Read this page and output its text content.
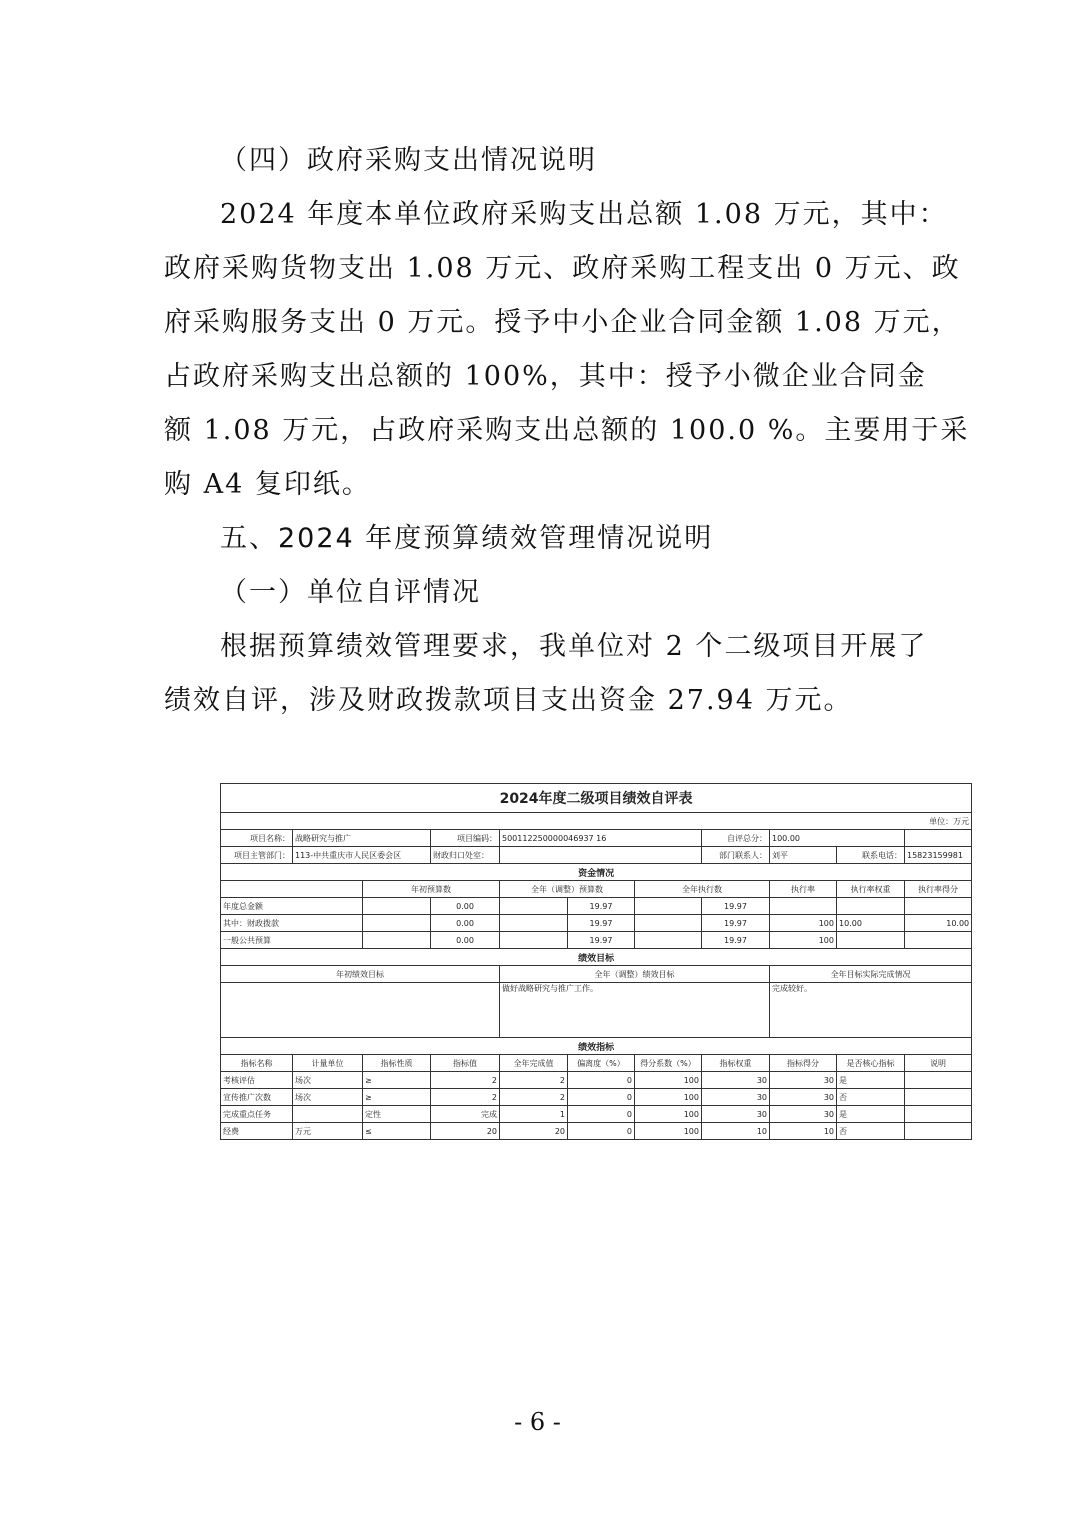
（四）政府采购支出情况说明
2024 年度本单位政府采购支出总额 1.08 万元，其中：
政府采购货物支出 1.08 万元、政府采购工程支出 0 万元、政
府采购服务支出 0 万元。授予中小企业合同金额 1.08 万元，
占政府采购支出总额的 100%，其中：授予小微企业合同金
额 1.08 万元，占政府采购支出总额的 100.0 %。主要用于采
购 A4 复印纸。
五、2024 年度预算绩效管理情况说明
（一）单位自评情况
根据预算绩效管理要求，我单位对 2 个二级项目开展了
绩效自评，涉及财政拨款项目支出资金 27.94 万元。
2024年度二级项目绩效自评表										
单位：万元										
项目名称：	战略研究与推广		项目编码：	500112250000046937 16			自评总分：	100.00		
项目主管部门：	113-中共重庆市人民区委会区		财政归口处室：				部门联系人：	刘平	联系电话：	15823159981
资金情况										
		年初预算数		全年（调整）预算数		全年执行数		执行率	执行率权重	执行率得分
年度总金额			0.00		19.97		19.97			
其中：财政拨款			0.00		19.97		19.97	100	10.00	10.00
一般公共预算			0.00		19.97		19.97	100		
绩效目标										
年初绩效目标				全年（调整）绩效目标				全年目标实际完成情况		
				做好战略研究与推广工作。				完成较好。		
绩效指标										
指标名称	计量单位	指标性质	指标值	全年完成值	偏离度（%）	得分系数（%）	指标权重	指标得分	是否核心指标	说明
考核评估	场次	≥	2	2	0	100	30	30	是	
宣传推广次数	场次	≥	2	2	0	100	30	30	否	
完成重点任务		定性	完成	1	0	100	30	30	是	
经费	万元	≤	20	20	0	100	10	10	否	
- 6 -
